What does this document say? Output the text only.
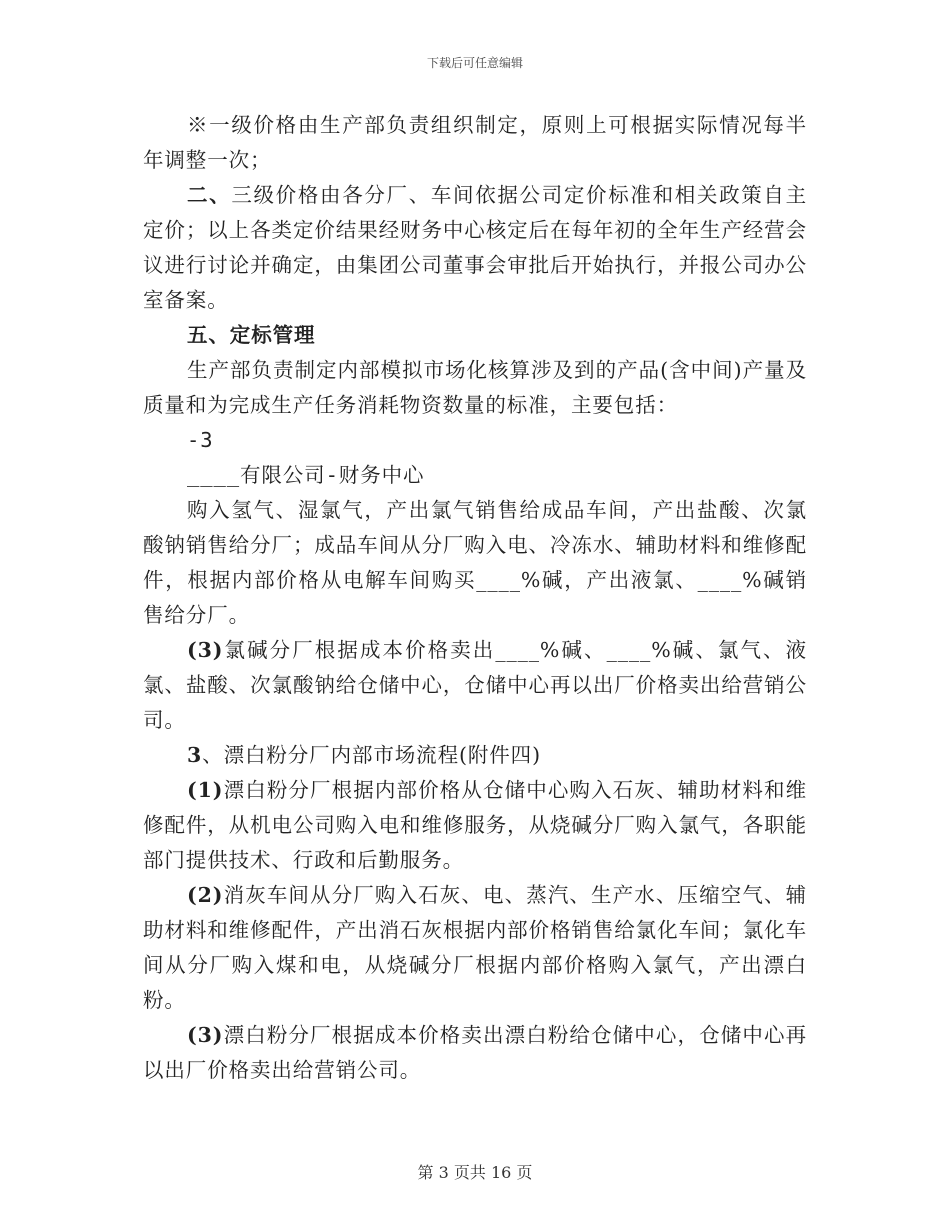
下载后可任意编辑

※一级价格由生产部负责组织制定，原则上可根据实际情况每半年调整一次；

二、三级价格由各分厂、车间依据公司定价标准和相关政策自主定价；以上各类定价结果经财务中心核定后在每年初的全年生产经营会议进行讨论并确定，由集团公司董事会审批后开始执行，并报公司办公室备案。

五、定标管理

生产部负责制定内部模拟市场化核算涉及到的产品(含中间)产量及质量和为完成生产任务消耗物资数量的标准，主要包括：

-3

____有限公司-财务中心

购入氢气、湿氯气，产出氯气销售给成品车间，产出盐酸、次氯酸钠销售给分厂；成品车间从分厂购入电、冷冻水、辅助材料和维修配件，根据内部价格从电解车间购买____%碱，产出液氯、____%碱销售给分厂。

(3)氯碱分厂根据成本价格卖出____%碱、____%碱、氯气、液氯、盐酸、次氯酸钠给仓储中心，仓储中心再以出厂价格卖出给营销公司。

3、漂白粉分厂内部市场流程(附件四)

(1)漂白粉分厂根据内部价格从仓储中心购入石灰、辅助材料和维修配件，从机电公司购入电和维修服务，从烧碱分厂购入氯气，各职能部门提供技术、行政和后勤服务。

(2)消灰车间从分厂购入石灰、电、蒸汽、生产水、压缩空气、辅助材料和维修配件，产出消石灰根据内部价格销售给氯化车间；氯化车间从分厂购入煤和电，从烧碱分厂根据内部价格购入氯气，产出漂白粉。

(3)漂白粉分厂根据成本价格卖出漂白粉给仓储中心，仓储中心再以出厂价格卖出给营销公司。

第 3 页共 16 页
